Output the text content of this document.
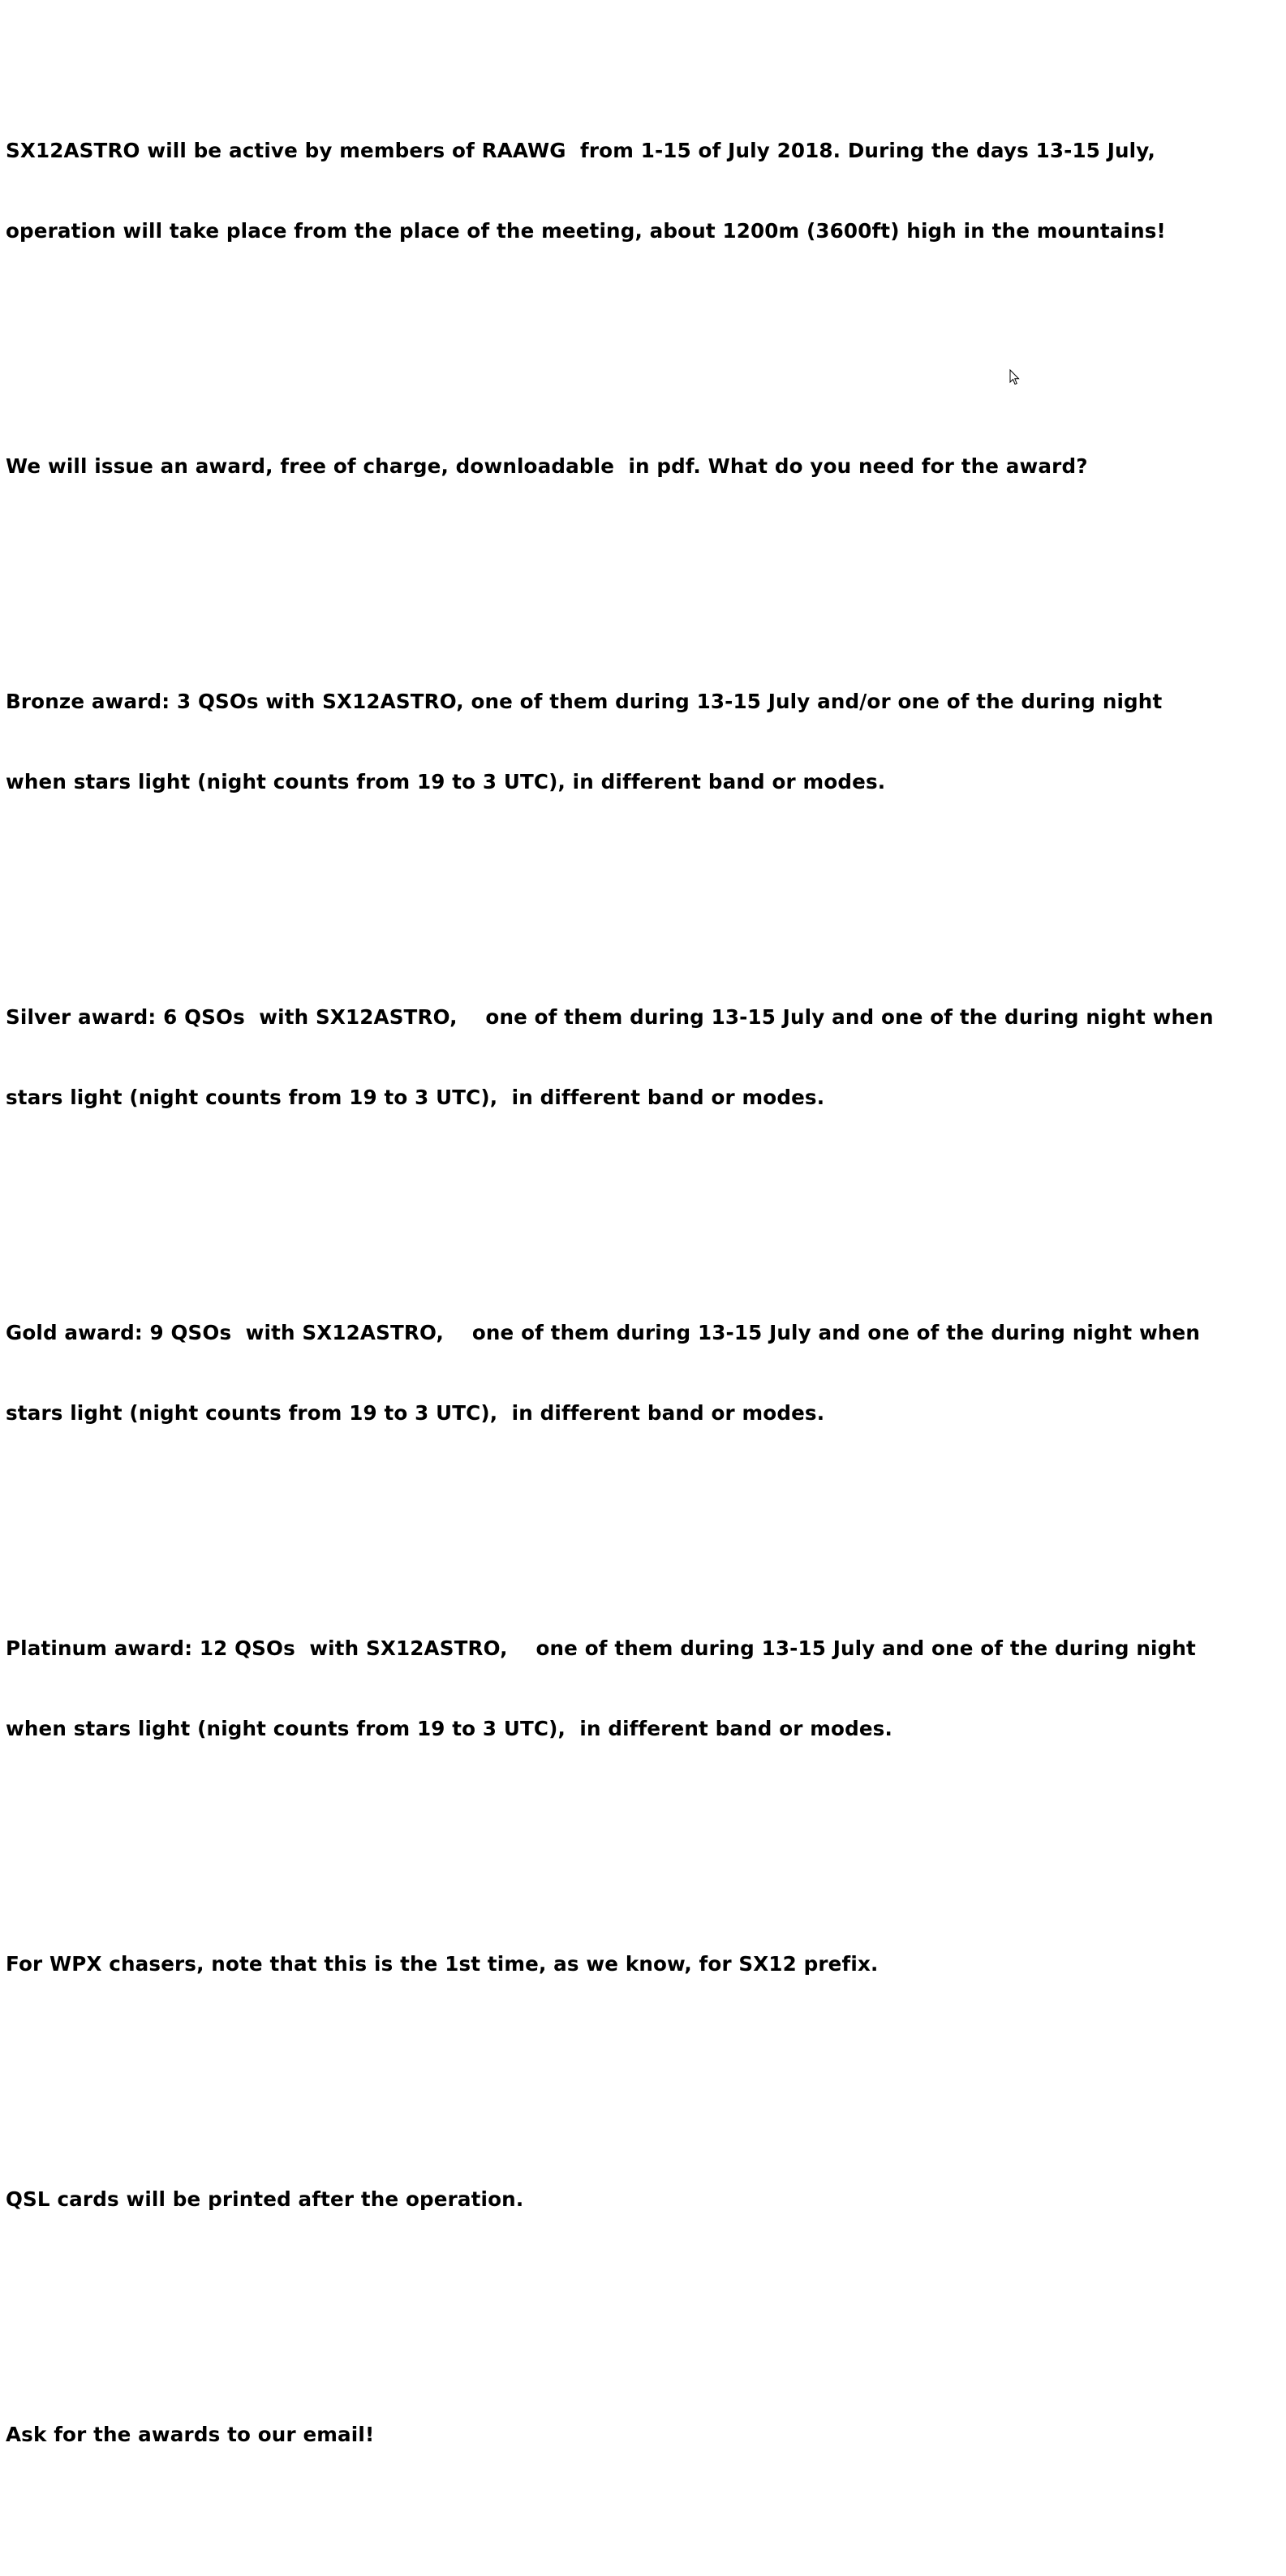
SX12ASTRO will be active by members of RAAWG  from 1-15 of July 2018. During the days 13-15 July,

operation will take place from the place of the meeting, about 1200m (3600ft) high in the mountains!

We will issue an award, free of charge, downloadable  in pdf. What do you need for the award?

Bronze award: 3 QSOs with SX12ASTRO, one of them during 13-15 July and/or one of the during night

when stars light (night counts from 19 to 3 UTC), in different band or modes.

Silver award: 6 QSOs  with SX12ASTRO,    one of them during 13-15 July and one of the during night when

stars light (night counts from 19 to 3 UTC),  in different band or modes.

Gold award: 9 QSOs  with SX12ASTRO,    one of them during 13-15 July and one of the during night when

stars light (night counts from 19 to 3 UTC),  in different band or modes.

Platinum award: 12 QSOs  with SX12ASTRO,    one of them during 13-15 July and one of the during night

when stars light (night counts from 19 to 3 UTC),  in different band or modes.

For WPX chasers, note that this is the 1st time, as we know, for SX12 prefix.

QSL cards will be printed after the operation.

Ask for the awards to our email!
